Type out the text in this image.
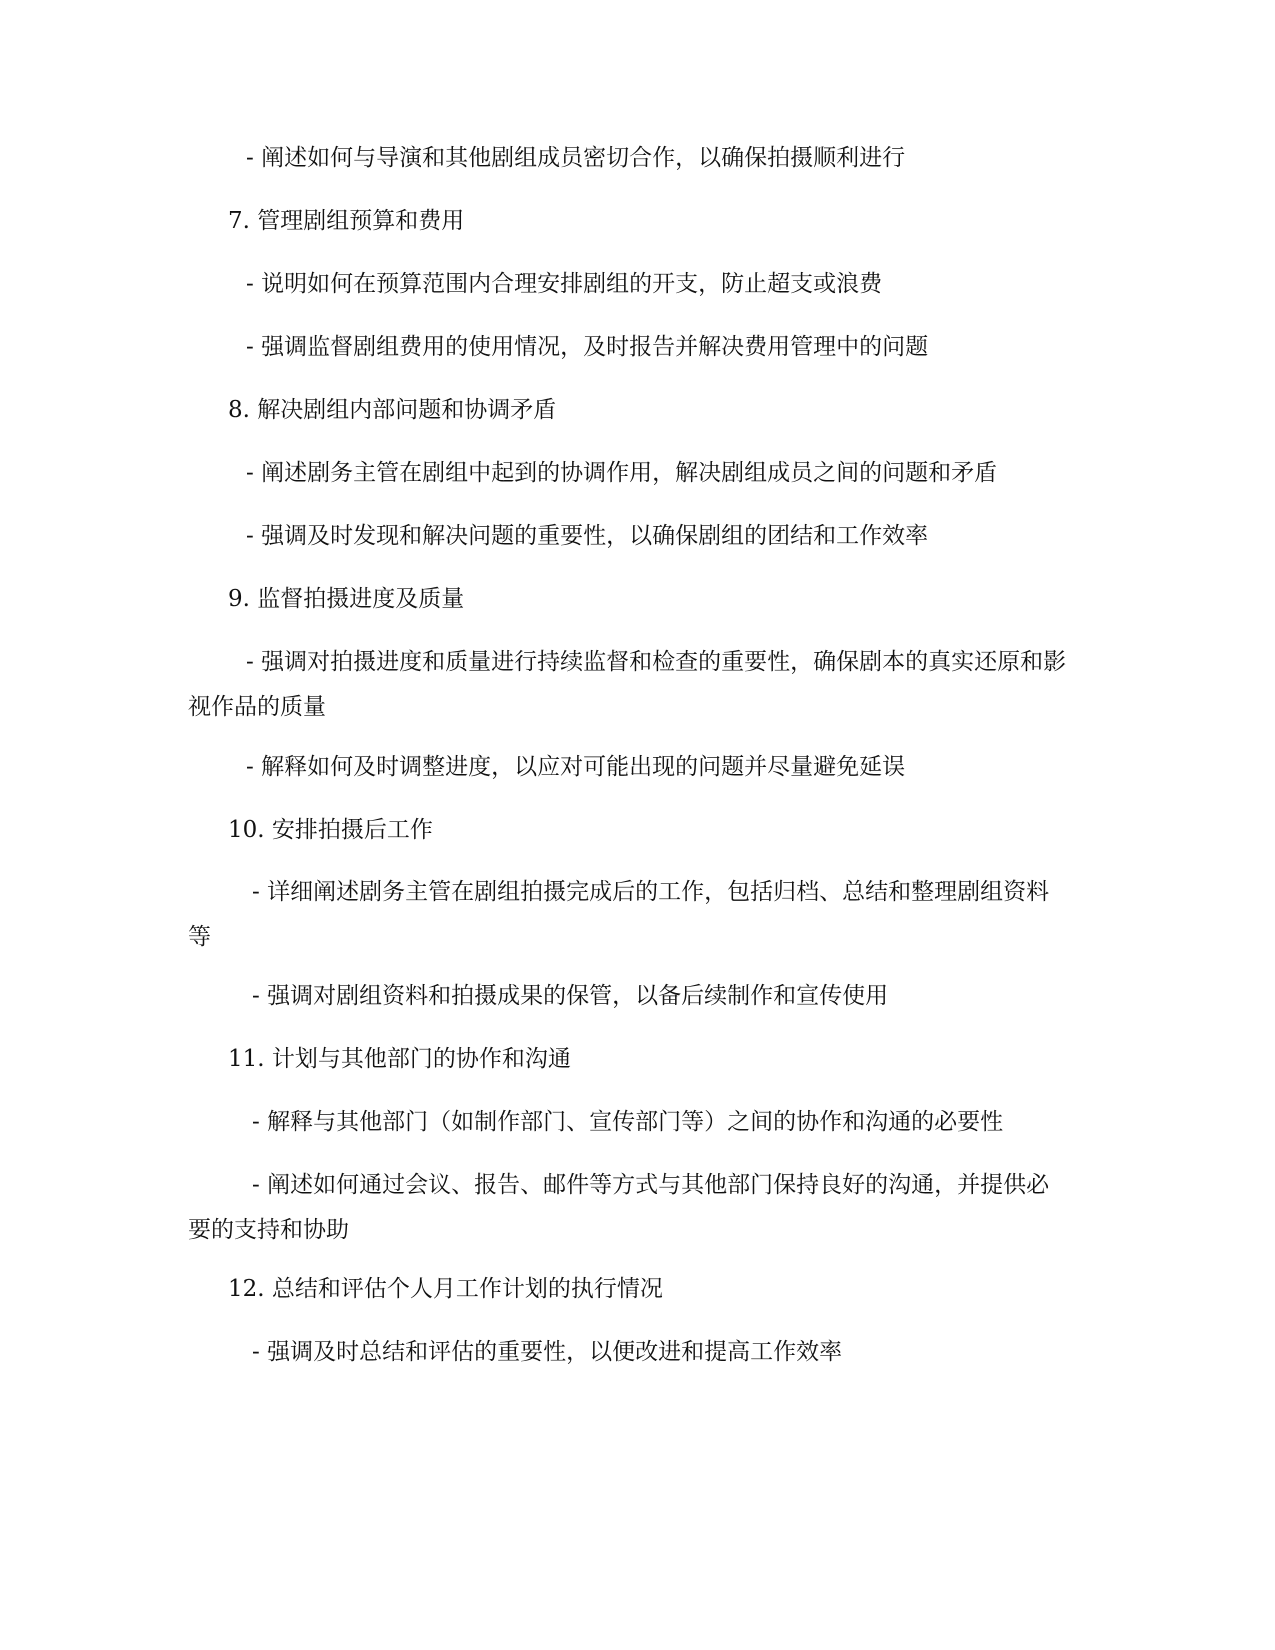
- 阐述如何与导演和其他剧组成员密切合作，以确保拍摄顺利进行
7. 管理剧组预算和费用
- 说明如何在预算范围内合理安排剧组的开支，防止超支或浪费
- 强调监督剧组费用的使用情况，及时报告并解决费用管理中的问题
8. 解决剧组内部问题和协调矛盾
- 阐述剧务主管在剧组中起到的协调作用，解决剧组成员之间的问题和矛盾
- 强调及时发现和解决问题的重要性，以确保剧组的团结和工作效率
9. 监督拍摄进度及质量
- 强调对拍摄进度和质量进行持续监督和检查的重要性，确保剧本的真实还原和影视作品的质量
- 解释如何及时调整进度，以应对可能出现的问题并尽量避免延误
10. 安排拍摄后工作
- 详细阐述剧务主管在剧组拍摄完成后的工作，包括归档、总结和整理剧组资料等
- 强调对剧组资料和拍摄成果的保管，以备后续制作和宣传使用
11. 计划与其他部门的协作和沟通
- 解释与其他部门（如制作部门、宣传部门等）之间的协作和沟通的必要性
- 阐述如何通过会议、报告、邮件等方式与其他部门保持良好的沟通，并提供必要的支持和协助
12. 总结和评估个人月工作计划的执行情况
- 强调及时总结和评估的重要性，以便改进和提高工作效率
